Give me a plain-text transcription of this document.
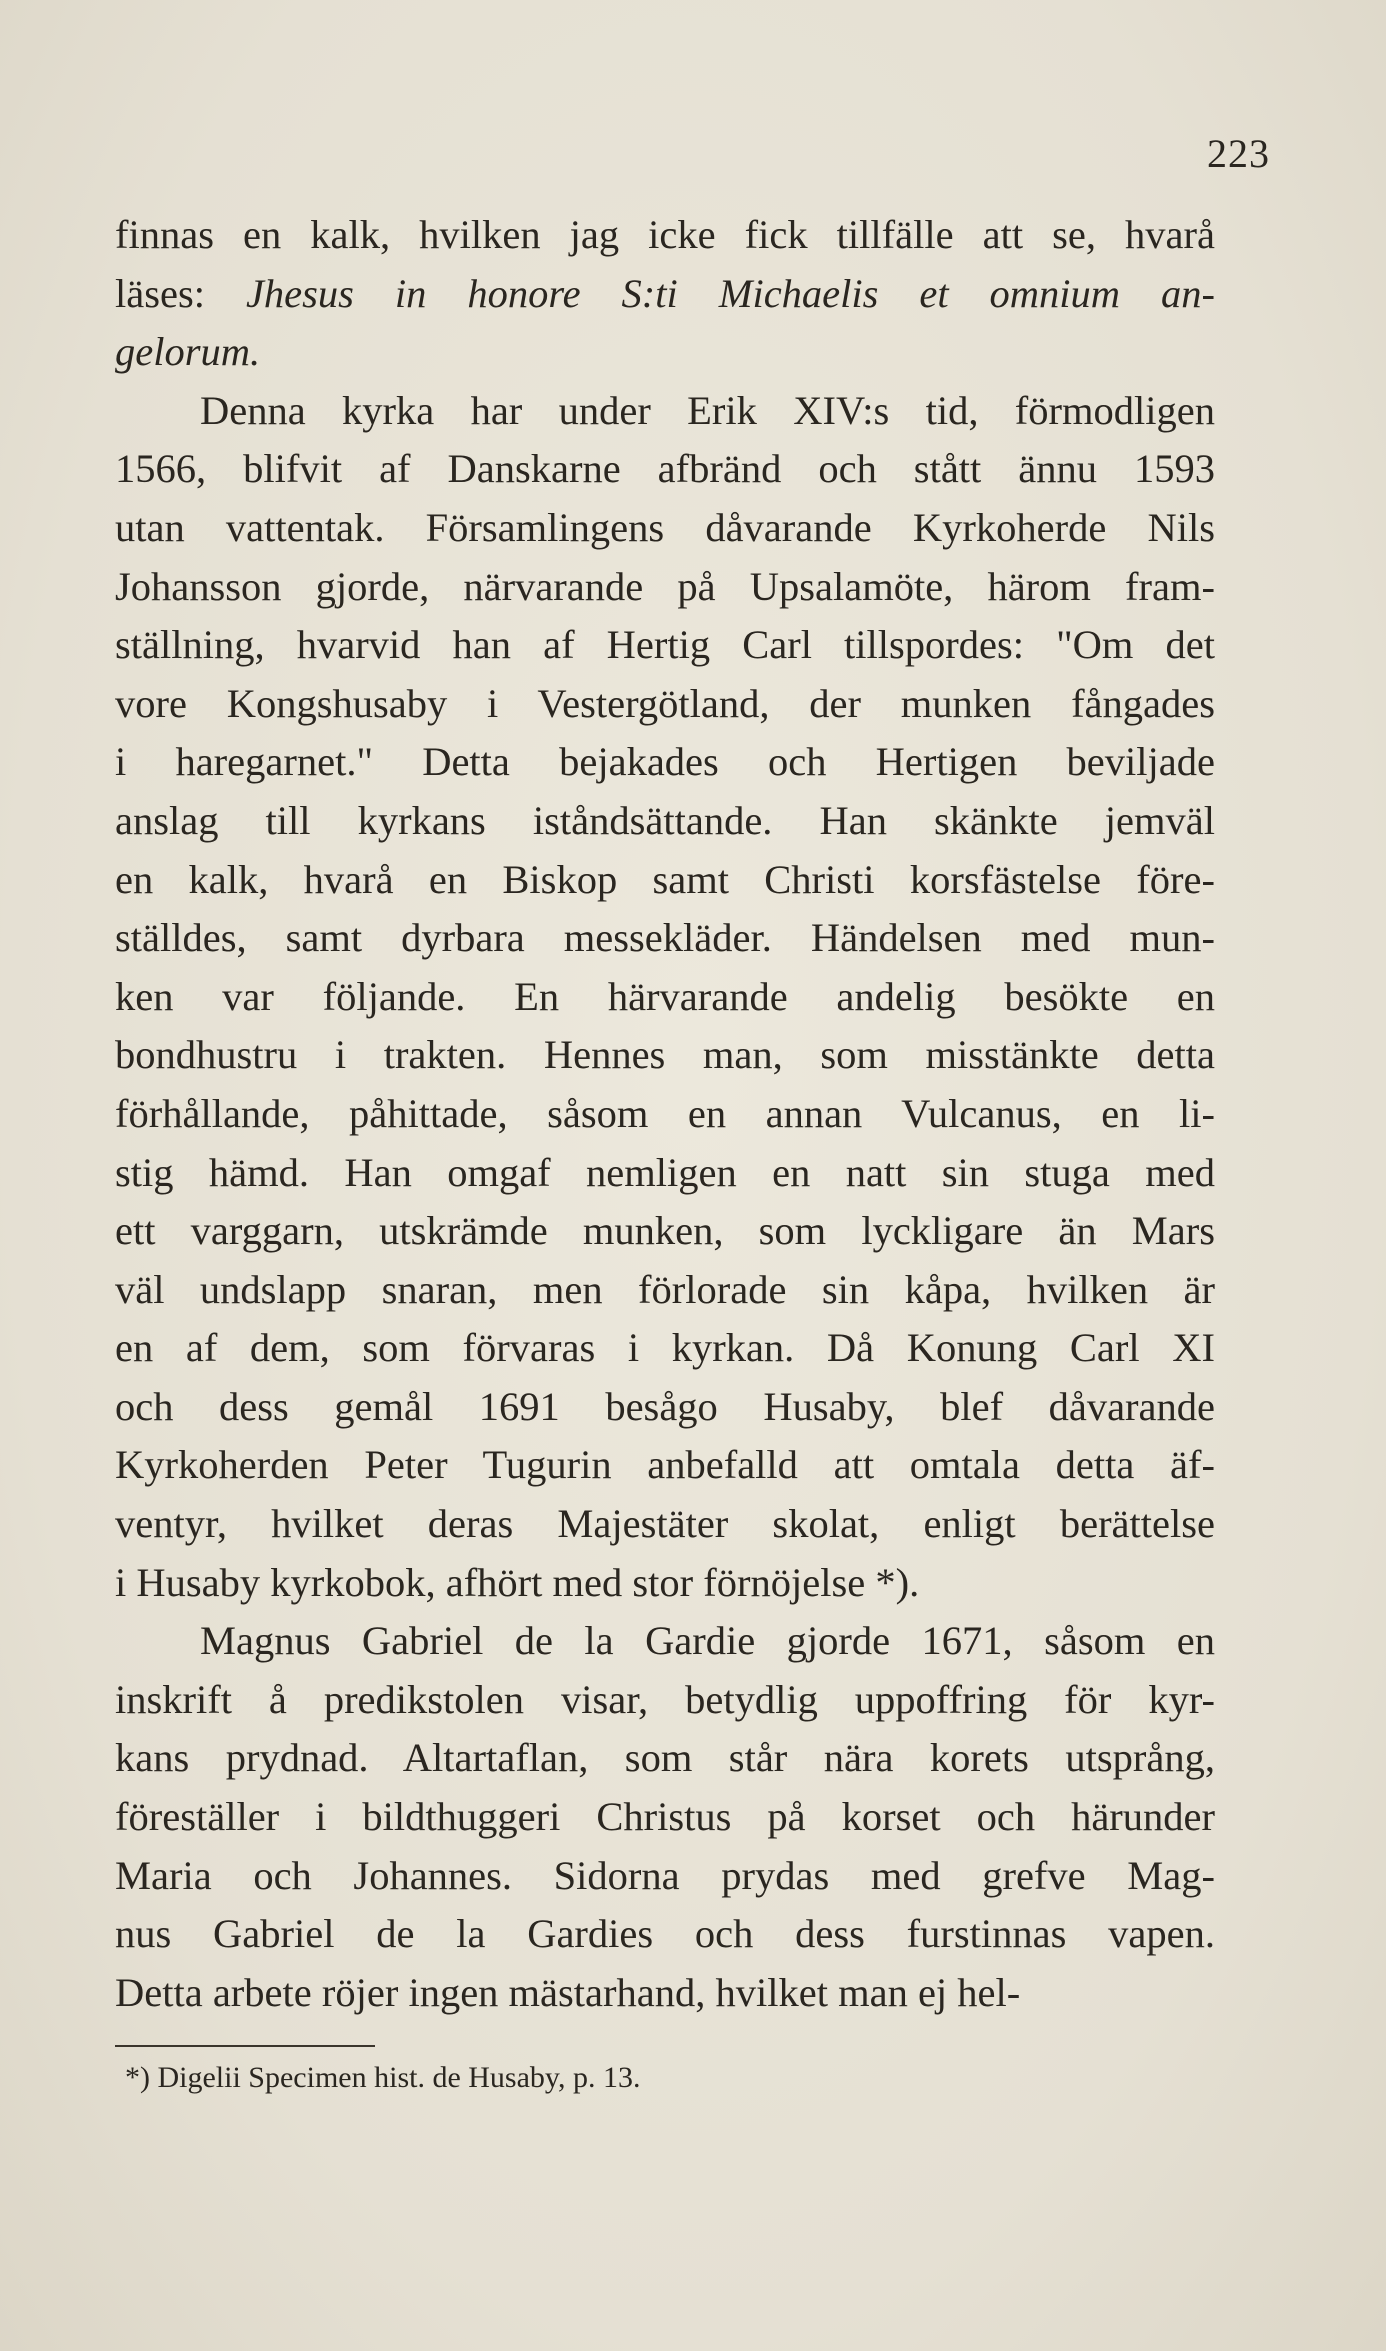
223
finnas en kalk, hvilken jag icke fick tillfälle att se, hvarå
läses: Jhesus in honore S:ti Michaelis et omnium an-
gelorum.
Denna kyrka har under Erik XIV:s tid, förmodligen
1566, blifvit af Danskarne afbränd och stått ännu 1593
utan vattentak. Församlingens dåvarande Kyrkoherde Nils
Johansson gjorde, närvarande på Upsalamöte, härom fram-
ställning, hvarvid han af Hertig Carl tillspordes: "Om det
vore Kongshusaby i Vestergötland, der munken fångades
i haregarnet." Detta bejakades och Hertigen beviljade
anslag till kyrkans iståndsättande. Han skänkte jemväl
en kalk, hvarå en Biskop samt Christi korsfästelse före-
ställdes, samt dyrbara messekläder. Händelsen med mun-
ken var följande. En härvarande andelig besökte en
bondhustru i trakten. Hennes man, som misstänkte detta
förhållande, påhittade, såsom en annan Vulcanus, en li-
stig hämd. Han omgaf nemligen en natt sin stuga med
ett varggarn, utskrämde munken, som lyckligare än Mars
väl undslapp snaran, men förlorade sin kåpa, hvilken är
en af dem, som förvaras i kyrkan. Då Konung Carl XI
och dess gemål 1691 besågo Husaby, blef dåvarande
Kyrkoherden Peter Tugurin anbefalld att omtala detta äf-
ventyr, hvilket deras Majestäter skolat, enligt berättelse
i Husaby kyrkobok, afhört med stor förnöjelse *).
Magnus Gabriel de la Gardie gjorde 1671, såsom en
inskrift å predikstolen visar, betydlig uppoffring för kyr-
kans prydnad. Altartaflan, som står nära korets utsprång,
föreställer i bildthuggeri Christus på korset och härunder
Maria och Johannes. Sidorna prydas med grefve Mag-
nus Gabriel de la Gardies och dess furstinnas vapen.
Detta arbete röjer ingen mästarhand, hvilket man ej hel-
*) Digelii Specimen hist. de Husaby, p. 13.
